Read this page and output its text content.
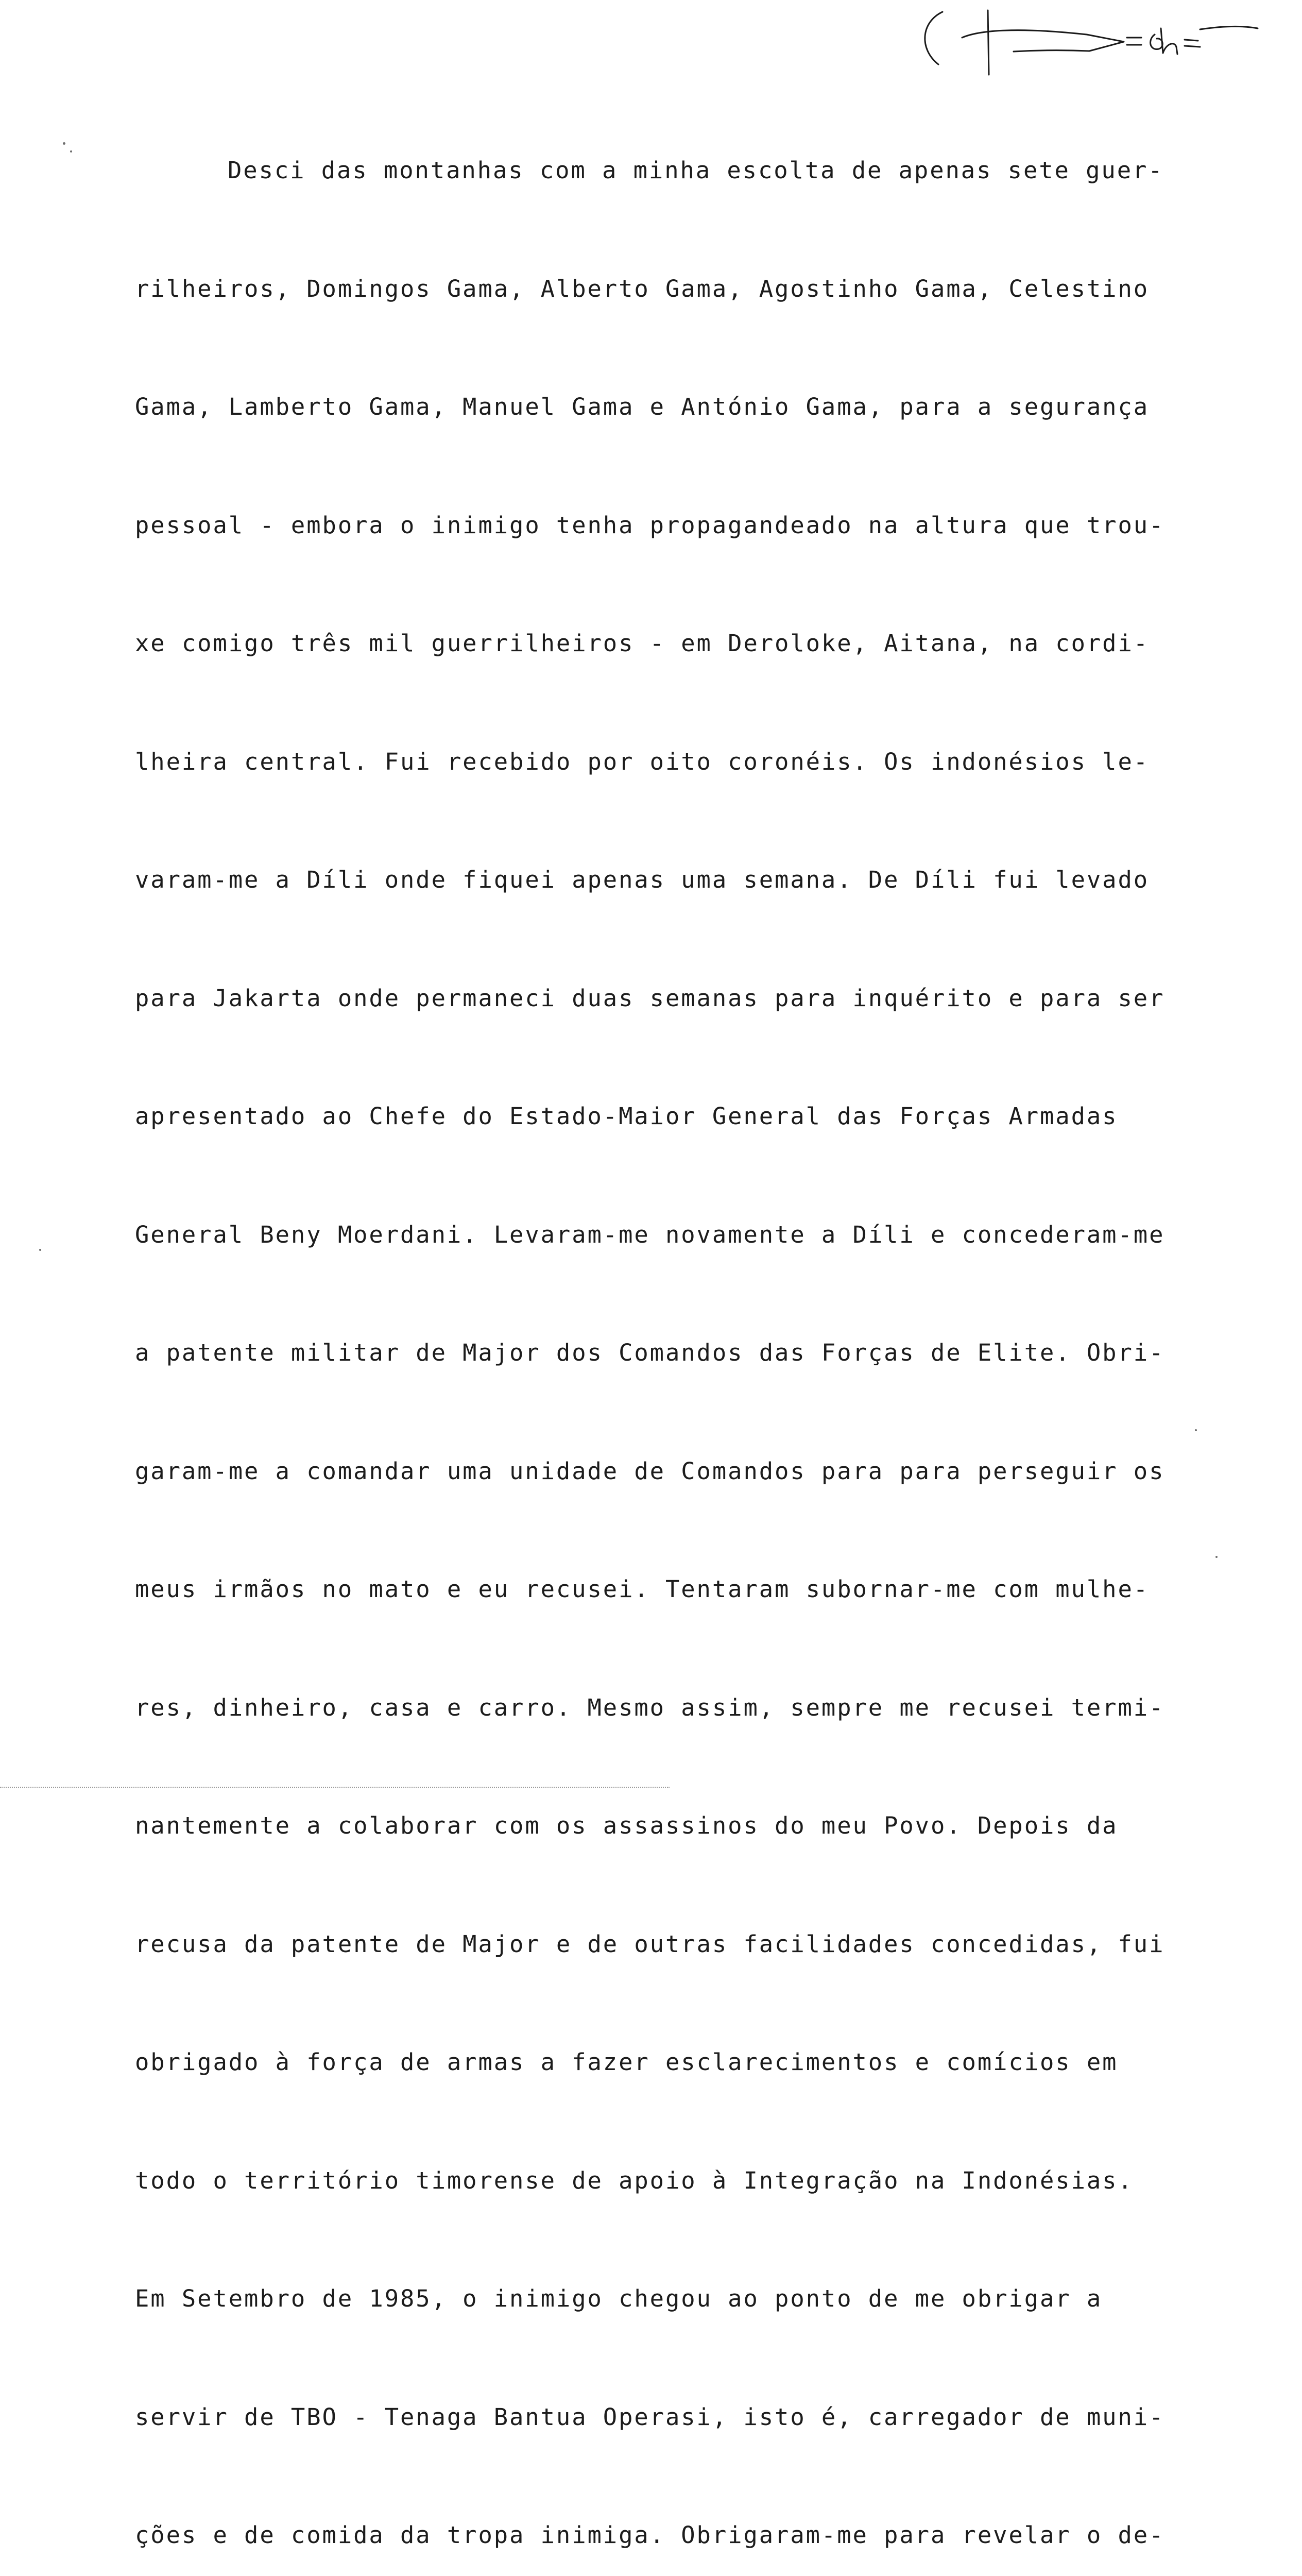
Desci das montanhas com a minha escolta de apenas sete guer-

rilheiros, Domingos Gama, Alberto Gama, Agostinho Gama, Celestino

Gama, Lamberto Gama, Manuel Gama e António Gama, para a segurança

pessoal - embora o inimigo tenha propagandeado na altura que trou-

xe comigo três mil guerrilheiros - em Deroloke, Aitana, na cordi-

lheira central. Fui recebido por oito coronéis. Os indonésios le-

varam-me a Díli onde fiquei apenas uma semana. De Díli fui levado

para Jakarta onde permaneci duas semanas para inquérito e para ser

apresentado ao Chefe do Estado-Maior General das Forças Armadas

General Beny Moerdani. Levaram-me novamente a Díli e concederam-me

a patente militar de Major dos Comandos das Forças de Elite. Obri-

garam-me a comandar uma unidade de Comandos para para perseguir os

meus irmãos no mato e eu recusei. Tentaram subornar-me com mulhe-

res, dinheiro, casa e carro. Mesmo assim, sempre me recusei termi-

nantemente a colaborar com os assassinos do meu Povo. Depois da

recusa da patente de Major e de outras facilidades concedidas, fui

obrigado à força de armas a fazer esclarecimentos e comícios em

todo o território timorense de apoio à Integração na Indonésias.

Em Setembro de 1985, o inimigo chegou ao ponto de me obrigar a

servir de TBO - Tenaga Bantua Operasi, isto é, carregador de muni-

ções e de comida da tropa inimiga. Obrigaram-me para revelar o de-
